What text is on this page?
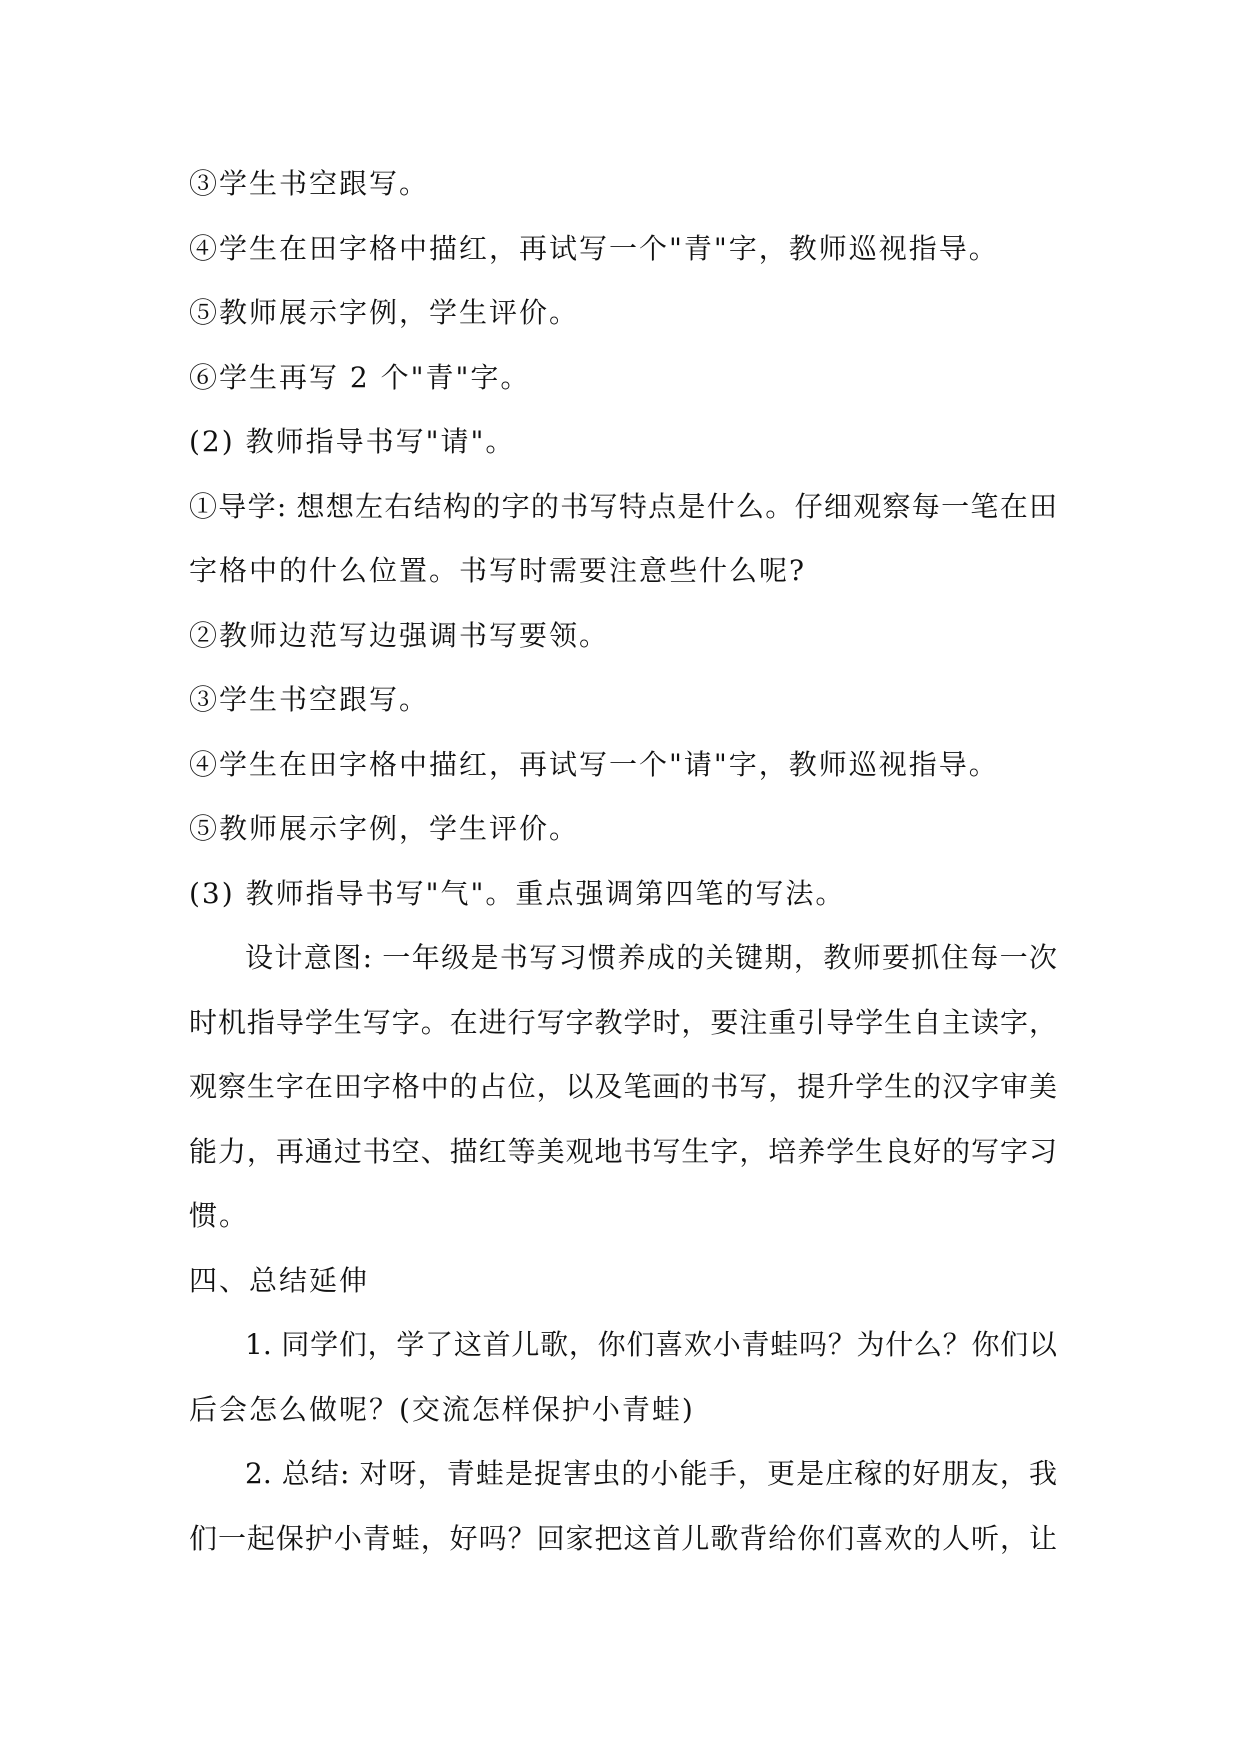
③学生书空跟写。
④学生在田字格中描红，再试写一个"青"字，教师巡视指导。
⑤教师展示字例，学生评价。
⑥学生再写 2 个"青"字。
(2) 教师指导书写"请"。
①导学: 想想左右结构的字的书写特点是什么。仔细观察每一笔在田
字格中的什么位置。书写时需要注意些什么呢?
②教师边范写边强调书写要领。
③学生书空跟写。
④学生在田字格中描红，再试写一个"请"字，教师巡视指导。
⑤教师展示字例，学生评价。
(3) 教师指导书写"气"。重点强调第四笔的写法。
设计意图: 一年级是书写习惯养成的关键期，教师要抓住每一次
时机指导学生写字。在进行写字教学时，要注重引导学生自主读字，
观察生字在田字格中的占位，以及笔画的书写，提升学生的汉字审美
能力，再通过书空、描红等美观地书写生字，培养学生良好的写字习
惯。
四、总结延伸
1. 同学们，学了这首儿歌，你们喜欢小青蛙吗？为什么？你们以
后会怎么做呢？(交流怎样保护小青蛙)
2. 总结: 对呀，青蛙是捉害虫的小能手，更是庄稼的好朋友，我
们一起保护小青蛙，好吗？回家把这首儿歌背给你们喜欢的人听，让
